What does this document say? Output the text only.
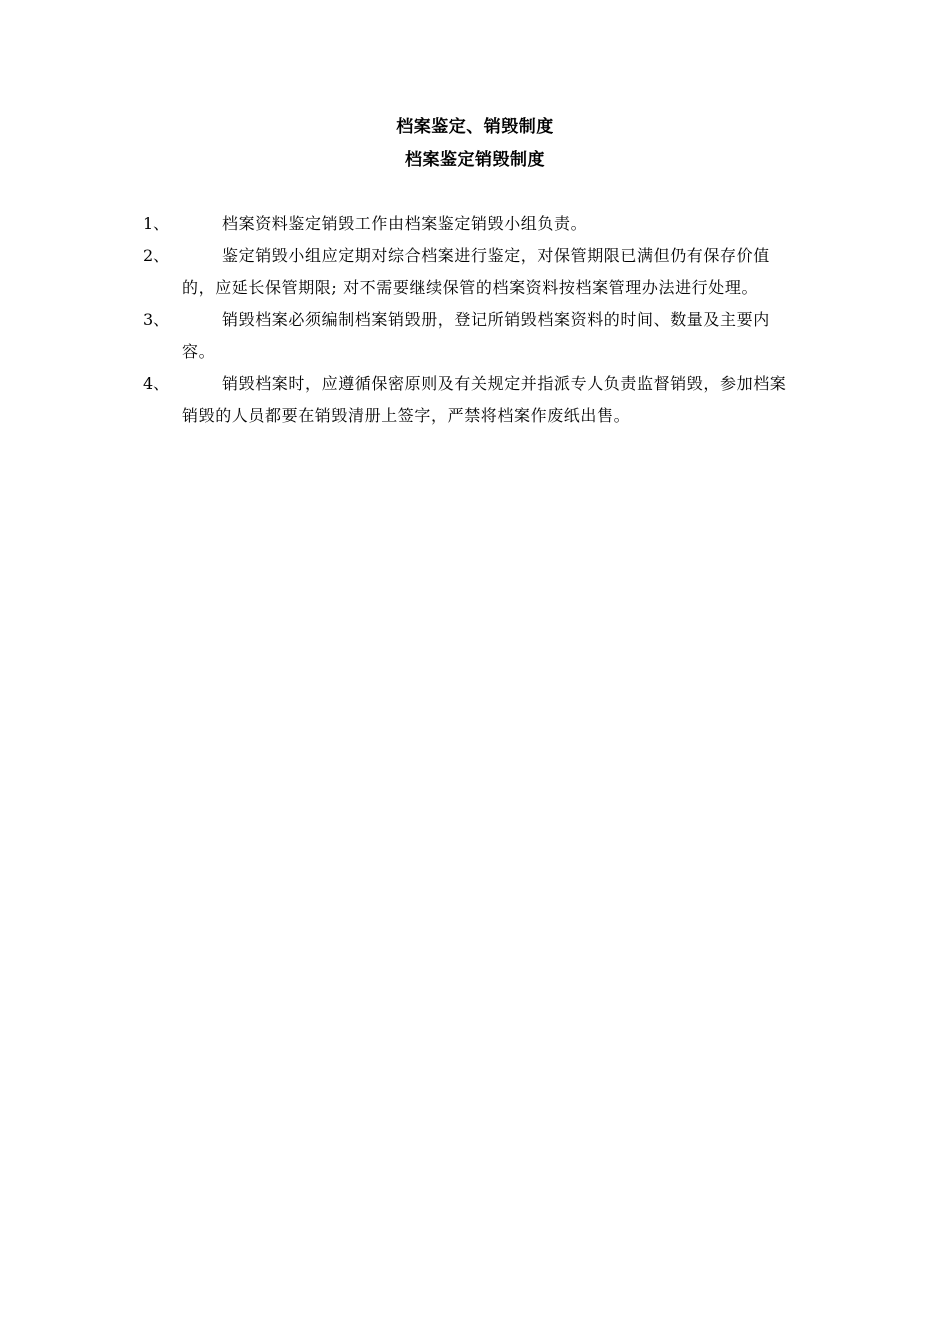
档案鉴定、销毁制度
档案鉴定销毁制度
1、	档案资料鉴定销毁工作由档案鉴定销毁小组负责。
2、	鉴定销毁小组应定期对综合档案进行鉴定，对保管期限已满但仍有保存价值的，应延长保管期限; 对不需要继续保管的档案资料按档案管理办法进行处理。
3、	销毁档案必须编制档案销毁册，登记所销毁档案资料的时间、数量及主要内容。
4、	销毁档案时，应遵循保密原则及有关规定并指派专人负责监督销毁，参加档案销毁的人员都要在销毁清册上签字，严禁将档案作废纸出售。
